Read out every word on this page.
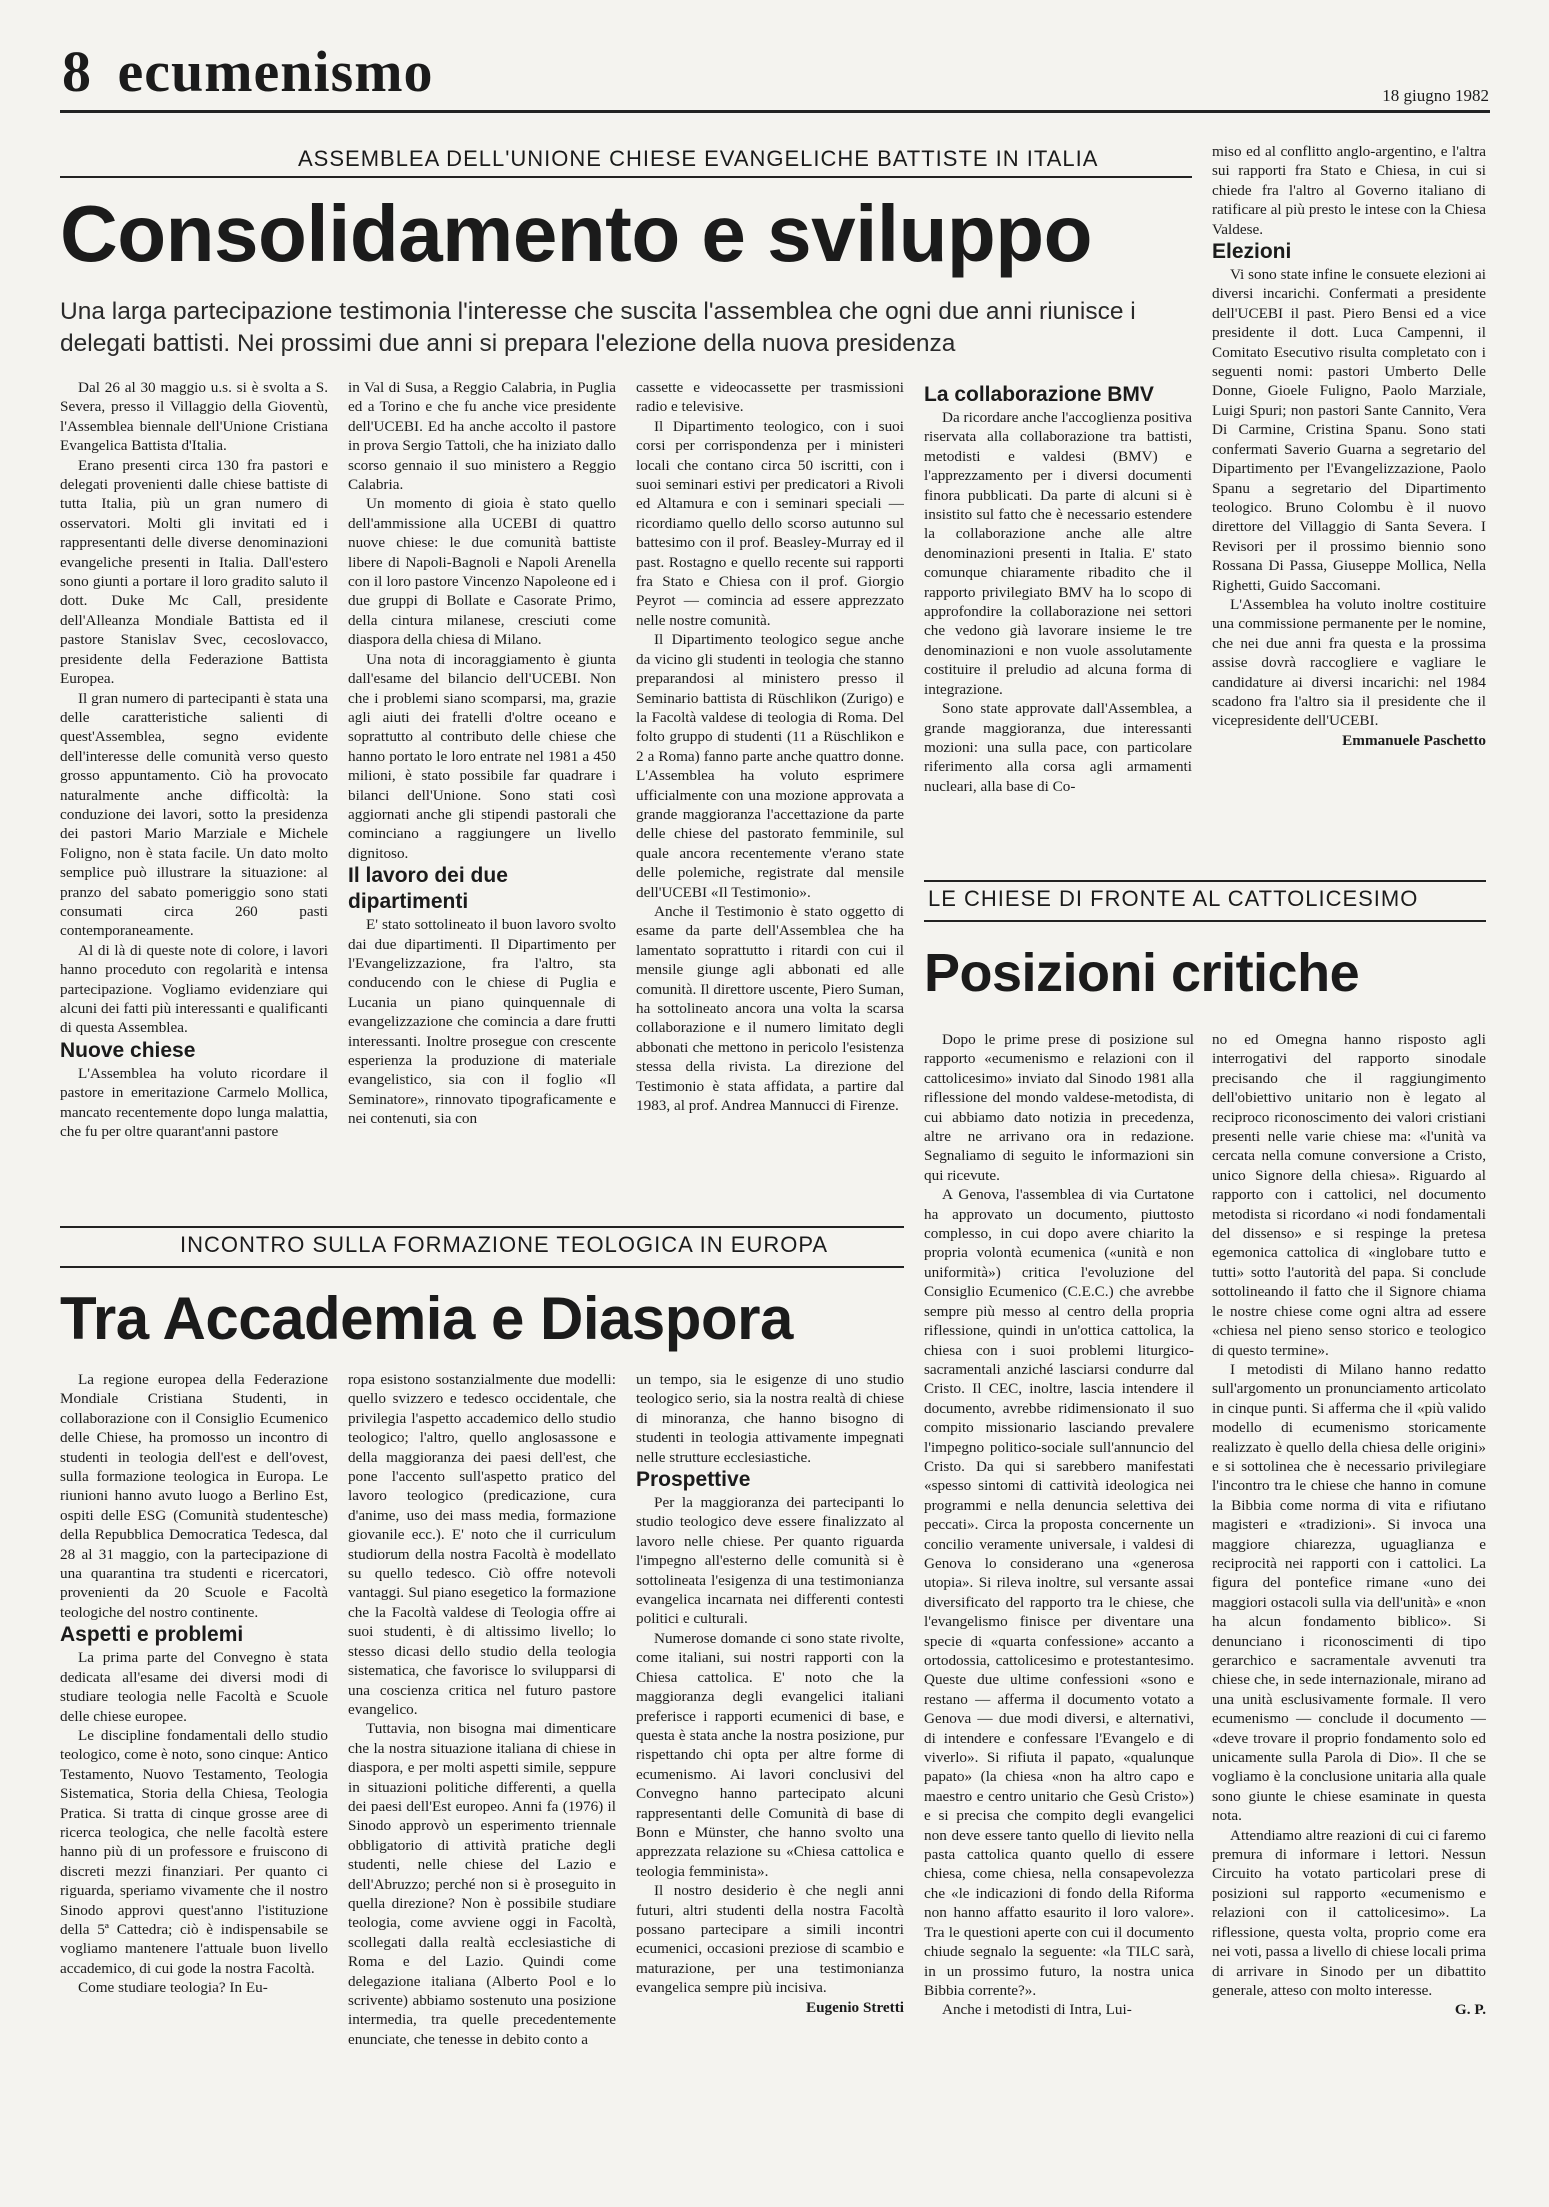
8 ecumenismo	18 giugno 1982
ASSEMBLEA DELL'UNIONE CHIESE EVANGELICHE BATTISTE IN ITALIA
Consolidamento e sviluppo
Una larga partecipazione testimonia l'interesse che suscita l'assemblea che ogni due anni riunisce i delegati battisti. Nei prossimi due anni si prepara l'elezione della nuova presidenza

Dal 26 al 30 maggio u.s. si è svolta a S. Severa, presso il Villaggio della Gioventù, l'Assemblea biennale dell'Unione Cristiana Evangelica Battista d'Italia.

Erano presenti circa 130 fra pastori e delegati provenienti dalle chiese battiste di tutta Italia, più un gran numero di osservatori. Molti gli invitati ed i rappresentanti delle diverse denominazioni evangeliche presenti in Italia. Dall'estero sono giunti a portare il loro gradito saluto il dott. Duke Mc Call, presidente dell'Alleanza Mondiale Battista ed il pastore Stanislav Svec, cecoslovacco, presidente della Federazione Battista Europea.

Il gran numero di partecipanti è stata una delle caratteristiche salienti di quest'Assemblea, segno evidente dell'interesse delle comunità verso questo grosso appuntamento. Ciò ha provocato naturalmente anche difficoltà: la conduzione dei lavori, sotto la presidenza dei pastori Mario Marziale e Michele Foligno, non è stata facile. Un dato molto semplice può illustrare la situazione: al pranzo del sabato pomeriggio sono stati consumati circa 260 pasti contemporaneamente.

Al di là di queste note di colore, i lavori hanno proceduto con regolarità e intensa partecipazione. Vogliamo evidenziare qui alcuni dei fatti più interessanti e qualificanti di questa Assemblea.

Nuove chiese

L'Assemblea ha voluto ricordare il pastore in emeritazione Carmelo Mollica, mancato recentemente dopo lunga malattia, che fu per oltre quarant'anni pastore

in Val di Susa, a Reggio Calabria, in Puglia ed a Torino e che fu anche vice presidente dell'UCEBI. Ed ha anche accolto il pastore in prova Sergio Tattoli, che ha iniziato dallo scorso gennaio il suo ministero a Reggio Calabria.

Un momento di gioia è stato quello dell'ammissione alla UCEBI di quattro nuove chiese: le due comunità battiste libere di Napoli-Bagnoli e Napoli Arenella con il loro pastore Vincenzo Napoleone ed i due gruppi di Bollate e Casorate Primo, della cintura milanese, cresciuti come diaspora della chiesa di Milano.

Una nota di incoraggiamento è giunta dall'esame del bilancio dell'UCEBI. Non che i problemi siano scomparsi, ma, grazie agli aiuti dei fratelli d'oltre oceano e soprattutto al contributo delle chiese che hanno portato le loro entrate nel 1981 a 450 milioni, è stato possibile far quadrare i bilanci dell'Unione. Sono stati così aggiornati anche gli stipendi pastorali che cominciano a raggiungere un livello dignitoso.

Il lavoro dei due dipartimenti

E' stato sottolineato il buon lavoro svolto dai due dipartimenti. Il Dipartimento per l'Evangelizzazione, fra l'altro, sta conducendo con le chiese di Puglia e Lucania un piano quinquennale di evangelizzazione che comincia a dare frutti interessanti. Inoltre prosegue con crescente esperienza la produzione di materiale evangelistico, sia con il foglio «Il Seminatore», rinnovato tipograficamente e nei contenuti, sia con

cassette e videocassette per trasmissioni radio e televisive.

Il Dipartimento teologico, con i suoi corsi per corrispondenza per i ministeri locali che contano circa 50 iscritti, con i suoi seminari estivi per predicatori a Rivoli ed Altamura e con i seminari speciali — ricordiamo quello dello scorso autunno sul battesimo con il prof. Beasley-Murray ed il past. Rostagno e quello recente sui rapporti fra Stato e Chiesa con il prof. Giorgio Peyrot — comincia ad essere apprezzato nelle nostre comunità.

Il Dipartimento teologico segue anche da vicino gli studenti in teologia che stanno preparandosi al ministero presso il Seminario battista di Rüschlikon (Zurigo) e la Facoltà valdese di teologia di Roma. Del folto gruppo di studenti (11 a Rüschlikon e 2 a Roma) fanno parte anche quattro donne. L'Assemblea ha voluto esprimere ufficialmente con una mozione approvata a grande maggioranza l'accettazione da parte delle chiese del pastorato femminile, sul quale ancora recentemente v'erano state delle polemiche, registrate dal mensile dell'UCEBI «Il Testimonio».

Anche il Testimonio è stato oggetto di esame da parte dell'Assemblea che ha lamentato soprattutto i ritardi con cui il mensile giunge agli abbonati ed alle comunità. Il direttore uscente, Piero Suman, ha sottolineato ancora una volta la scarsa collaborazione e il numero limitato degli abbonati che mettono in pericolo l'esistenza stessa della rivista. La direzione del Testimonio è stata affidata, a partire dal 1983, al prof. Andrea Mannucci di Firenze.

La collaborazione BMV

Da ricordare anche l'accoglienza positiva riservata alla collaborazione tra battisti, metodisti e valdesi (BMV) e l'apprezzamento per i diversi documenti finora pubblicati. Da parte di alcuni si è insistito sul fatto che è necessario estendere la collaborazione anche alle altre denominazioni presenti in Italia. E' stato comunque chiaramente ribadito che il rapporto privilegiato BMV ha lo scopo di approfondire la collaborazione nei settori che vedono già lavorare insieme le tre denominazioni e non vuole assolutamente costituire il preludio ad alcuna forma di integrazione.

Sono state approvate dall'Assemblea, a grande maggioranza, due interessanti mozioni: una sulla pace, con particolare riferimento alla corsa agli armamenti nucleari, alla base di Co-

miso ed al conflitto anglo-argentino, e l'altra sui rapporti fra Stato e Chiesa, in cui si chiede fra l'altro al Governo italiano di ratificare al più presto le intese con la Chiesa Valdese.

Elezioni

Vi sono state infine le consuete elezioni ai diversi incarichi. Confermati a presidente dell'UCEBI il past. Piero Bensi ed a vice presidente il dott. Luca Campenni, il Comitato Esecutivo risulta completato con i seguenti nomi: pastori Umberto Delle Donne, Gioele Fuligno, Paolo Marziale, Luigi Spuri; non pastori Sante Cannito, Vera Di Carmine, Cristina Spanu. Sono stati confermati Saverio Guarna a segretario del Dipartimento per l'Evangelizzazione, Paolo Spanu a segretario del Dipartimento teologico. Bruno Colombu è il nuovo direttore del Villaggio di Santa Severa. I Revisori per il prossimo biennio sono Rossana Di Passa, Giuseppe Mollica, Nella Righetti, Guido Saccomani.

L'Assemblea ha voluto inoltre costituire una commissione permanente per le nomine, che nei due anni fra questa e la prossima assise dovrà raccogliere e vagliare le candidature ai diversi incarichi: nel 1984 scadono fra l'altro sia il presidente che il vicepresidente dell'UCEBI.

Emmanuele Paschetto

LE CHIESE DI FRONTE AL CATTOLICESIMO
Posizioni critiche

Dopo le prime prese di posizione sul rapporto «ecumenismo e relazioni con il cattolicesimo» inviato dal Sinodo 1981 alla riflessione del mondo valdese-metodista, di cui abbiamo dato notizia in precedenza, altre ne arrivano ora in redazione. Segnaliamo di seguito le informazioni sin qui ricevute.

A Genova, l'assemblea di via Curtatone ha approvato un documento, piuttosto complesso, in cui dopo avere chiarito la propria volontà ecumenica («unità e non uniformità») critica l'evoluzione del Consiglio Ecumenico (C.E.C.) che avrebbe sempre più messo al centro della propria riflessione, quindi in un'ottica cattolica, la chiesa con i suoi problemi liturgico-sacramentali anziché lasciarsi condurre dal Cristo. Il CEC, inoltre, lascia intendere il documento, avrebbe ridimensionato il suo compito missionario lasciando prevalere l'impegno politico-sociale sull'annuncio del Cristo. Da qui si sarebbero manifestati «spesso sintomi di cattività ideologica nei programmi e nella denuncia selettiva dei peccati». Circa la proposta concernente un concilio veramente universale, i valdesi di Genova lo considerano una «generosa utopia». Si rileva inoltre, sul versante assai diversificato del rapporto tra le chiese, che l'evangelismo finisce per diventare una specie di «quarta confessione» accanto a ortodossia, cattolicesimo e protestantesimo. Queste due ultime confessioni «sono e restano — afferma il documento votato a Genova — due modi diversi, e alternativi, di intendere e confessare l'Evangelo e di viverlo». Si rifiuta il papato, «qualunque papato» (la chiesa «non ha altro capo e maestro e centro unitario che Gesù Cristo») e si precisa che compito degli evangelici non deve essere tanto quello di lievito nella pasta cattolica quanto quello di essere chiesa, come chiesa, nella consapevolezza che «le indicazioni di fondo della Riforma non hanno affatto esaurito il loro valore». Tra le questioni aperte con cui il documento chiude segnalo la seguente: «la TILC sarà, in un prossimo futuro, la nostra unica Bibbia corrente?».

Anche i metodisti di Intra, Lui-

no ed Omegna hanno risposto agli interrogativi del rapporto sinodale precisando che il raggiungimento dell'obiettivo unitario non è legato al reciproco riconoscimento dei valori cristiani presenti nelle varie chiese ma: «l'unità va cercata nella comune conversione a Cristo, unico Signore della chiesa». Riguardo al rapporto con i cattolici, nel documento metodista si ricordano «i nodi fondamentali del dissenso» e si respinge la pretesa egemonica cattolica di «inglobare tutto e tutti» sotto l'autorità del papa. Si conclude sottolineando il fatto che il Signore chiama le nostre chiese come ogni altra ad essere «chiesa nel pieno senso storico e teologico di questo termine».

I metodisti di Milano hanno redatto sull'argomento un pronunciamento articolato in cinque punti. Si afferma che il «più valido modello di ecumenismo storicamente realizzato è quello della chiesa delle origini» e si sottolinea che è necessario privilegiare l'incontro tra le chiese che hanno in comune la Bibbia come norma di vita e rifiutano magisteri e «tradizioni». Si invoca una maggiore chiarezza, uguaglianza e reciprocità nei rapporti con i cattolici. La figura del pontefice rimane «uno dei maggiori ostacoli sulla via dell'unità» e «non ha alcun fondamento biblico». Si denunciano i riconoscimenti di tipo gerarchico e sacramentale avvenuti tra chiese che, in sede internazionale, mirano ad una unità esclusivamente formale. Il vero ecumenismo — conclude il documento — «deve trovare il proprio fondamento solo ed unicamente sulla Parola di Dio». Il che se vogliamo è la conclusione unitaria alla quale sono giunte le chiese esaminate in questa nota.

Attendiamo altre reazioni di cui ci faremo premura di informare i lettori. Nessun Circuito ha votato particolari prese di posizioni sul rapporto «ecumenismo e relazioni con il cattolicesimo». La riflessione, questa volta, proprio come era nei voti, passa a livello di chiese locali prima di arrivare in Sinodo per un dibattito generale, atteso con molto interesse.

G. P.

INCONTRO SULLA FORMAZIONE TEOLOGICA IN EUROPA
Tra Accademia e Diaspora

La regione europea della Federazione Mondiale Cristiana Studenti, in collaborazione con il Consiglio Ecumenico delle Chiese, ha promosso un incontro di studenti in teologia dell'est e dell'ovest, sulla formazione teologica in Europa. Le riunioni hanno avuto luogo a Berlino Est, ospiti delle ESG (Comunità studentesche) della Repubblica Democratica Tedesca, dal 28 al 31 maggio, con la partecipazione di una quarantina tra studenti e ricercatori, provenienti da 20 Scuole e Facoltà teologiche del nostro continente.

Aspetti e problemi

La prima parte del Convegno è stata dedicata all'esame dei diversi modi di studiare teologia nelle Facoltà e Scuole delle chiese europee.

Le discipline fondamentali dello studio teologico, come è noto, sono cinque: Antico Testamento, Nuovo Testamento, Teologia Sistematica, Storia della Chiesa, Teologia Pratica. Si tratta di cinque grosse aree di ricerca teologica, che nelle facoltà estere hanno più di un professore e fruiscono di discreti mezzi finanziari. Per quanto ci riguarda, speriamo vivamente che il nostro Sinodo approvi quest'anno l'istituzione della 5ª Cattedra; ciò è indispensabile se vogliamo mantenere l'attuale buon livello accademico, di cui gode la nostra Facoltà.

Come studiare teologia? In Eu-

ropa esistono sostanzialmente due modelli: quello svizzero e tedesco occidentale, che privilegia l'aspetto accademico dello studio teologico; l'altro, quello anglosassone e della maggioranza dei paesi dell'est, che pone l'accento sull'aspetto pratico del lavoro teologico (predicazione, cura d'anime, uso dei mass media, formazione giovanile ecc.). E' noto che il curriculum studiorum della nostra Facoltà è modellato su quello tedesco. Ciò offre notevoli vantaggi. Sul piano esegetico la formazione che la Facoltà valdese di Teologia offre ai suoi studenti, è di altissimo livello; lo stesso dicasi dello studio della teologia sistematica, che favorisce lo svilupparsi di una coscienza critica nel futuro pastore evangelico.

Tuttavia, non bisogna mai dimenticare che la nostra situazione italiana di chiese in diaspora, e per molti aspetti simile, seppure in situazioni politiche differenti, a quella dei paesi dell'Est europeo. Anni fa (1976) il Sinodo approvò un esperimento triennale obbligatorio di attività pratiche degli studenti, nelle chiese del Lazio e dell'Abruzzo; perché non si è proseguito in quella direzione? Non è possibile studiare teologia, come avviene oggi in Facoltà, scollegati dalla realtà ecclesiastiche di Roma e del Lazio. Quindi come delegazione italiana (Alberto Pool e lo scrivente) abbiamo sostenuto una posizione intermedia, tra quelle precedentemente enunciate, che tenesse in debito conto a

un tempo, sia le esigenze di uno studio teologico serio, sia la nostra realtà di chiese di minoranza, che hanno bisogno di studenti in teologia attivamente impegnati nelle strutture ecclesiastiche.

Prospettive

Per la maggioranza dei partecipanti lo studio teologico deve essere finalizzato al lavoro nelle chiese. Per quanto riguarda l'impegno all'esterno delle comunità si è sottolineata l'esigenza di una testimonianza evangelica incarnata nei differenti contesti politici e culturali.

Numerose domande ci sono state rivolte, come italiani, sui nostri rapporti con la Chiesa cattolica. E' noto che la maggioranza degli evangelici italiani preferisce i rapporti ecumenici di base, e questa è stata anche la nostra posizione, pur rispettando chi opta per altre forme di ecumenismo. Ai lavori conclusivi del Convegno hanno partecipato alcuni rappresentanti delle Comunità di base di Bonn e Münster, che hanno svolto una apprezzata relazione su «Chiesa cattolica e teologia femminista».

Il nostro desiderio è che negli anni futuri, altri studenti della nostra Facoltà possano partecipare a simili incontri ecumenici, occasioni preziose di scambio e maturazione, per una testimonianza evangelica sempre più incisiva.

Eugenio Stretti
